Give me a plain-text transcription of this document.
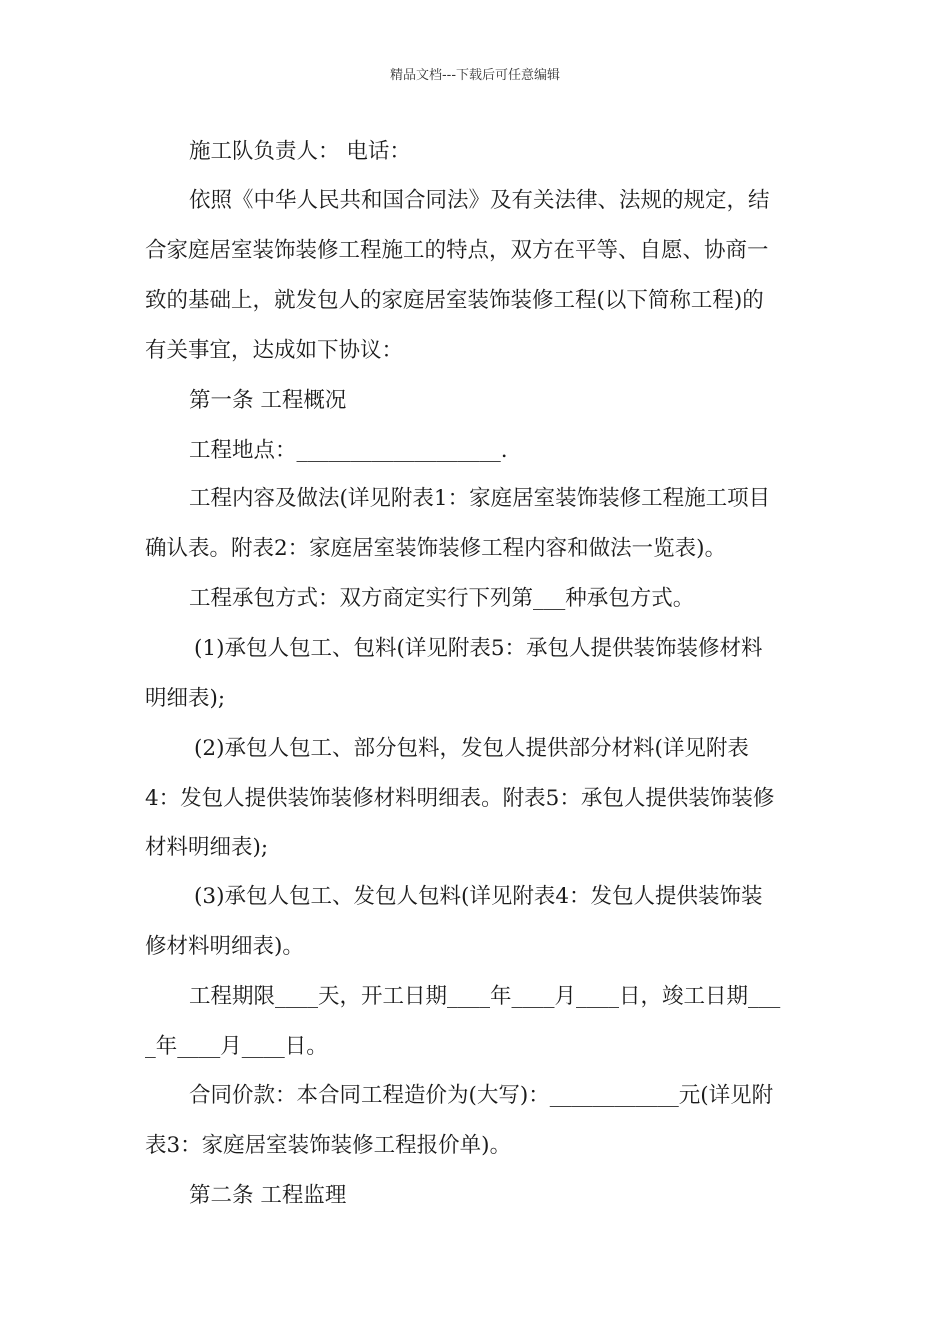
精品文档---下载后可任意编辑
施工队负责人： 电话：
依照《中华人民共和国合同法》及有关法律、法规的规定，结
合家庭居室装饰装修工程施工的特点，双方在平等、自愿、协商一
致的基础上，就发包人的家庭居室装饰装修工程(以下简称工程)的
有关事宜，达成如下协议：
第一条 工程概况
工程地点：___________________.
工程内容及做法(详见附表1：家庭居室装饰装修工程施工项目
确认表。附表2：家庭居室装饰装修工程内容和做法一览表)。
工程承包方式：双方商定实行下列第___种承包方式。
(1)承包人包工、包料(详见附表5：承包人提供装饰装修材料
明细表);
(2)承包人包工、部分包料，发包人提供部分材料(详见附表
4：发包人提供装饰装修材料明细表。附表5：承包人提供装饰装修
材料明细表);
(3)承包人包工、发包人包料(详见附表4：发包人提供装饰装
修材料明细表)。
工程期限____天，开工日期____年____月____日，竣工日期___
_年____月____日。
合同价款：本合同工程造价为(大写)：____________元(详见附
表3：家庭居室装饰装修工程报价单)。
第二条 工程监理
